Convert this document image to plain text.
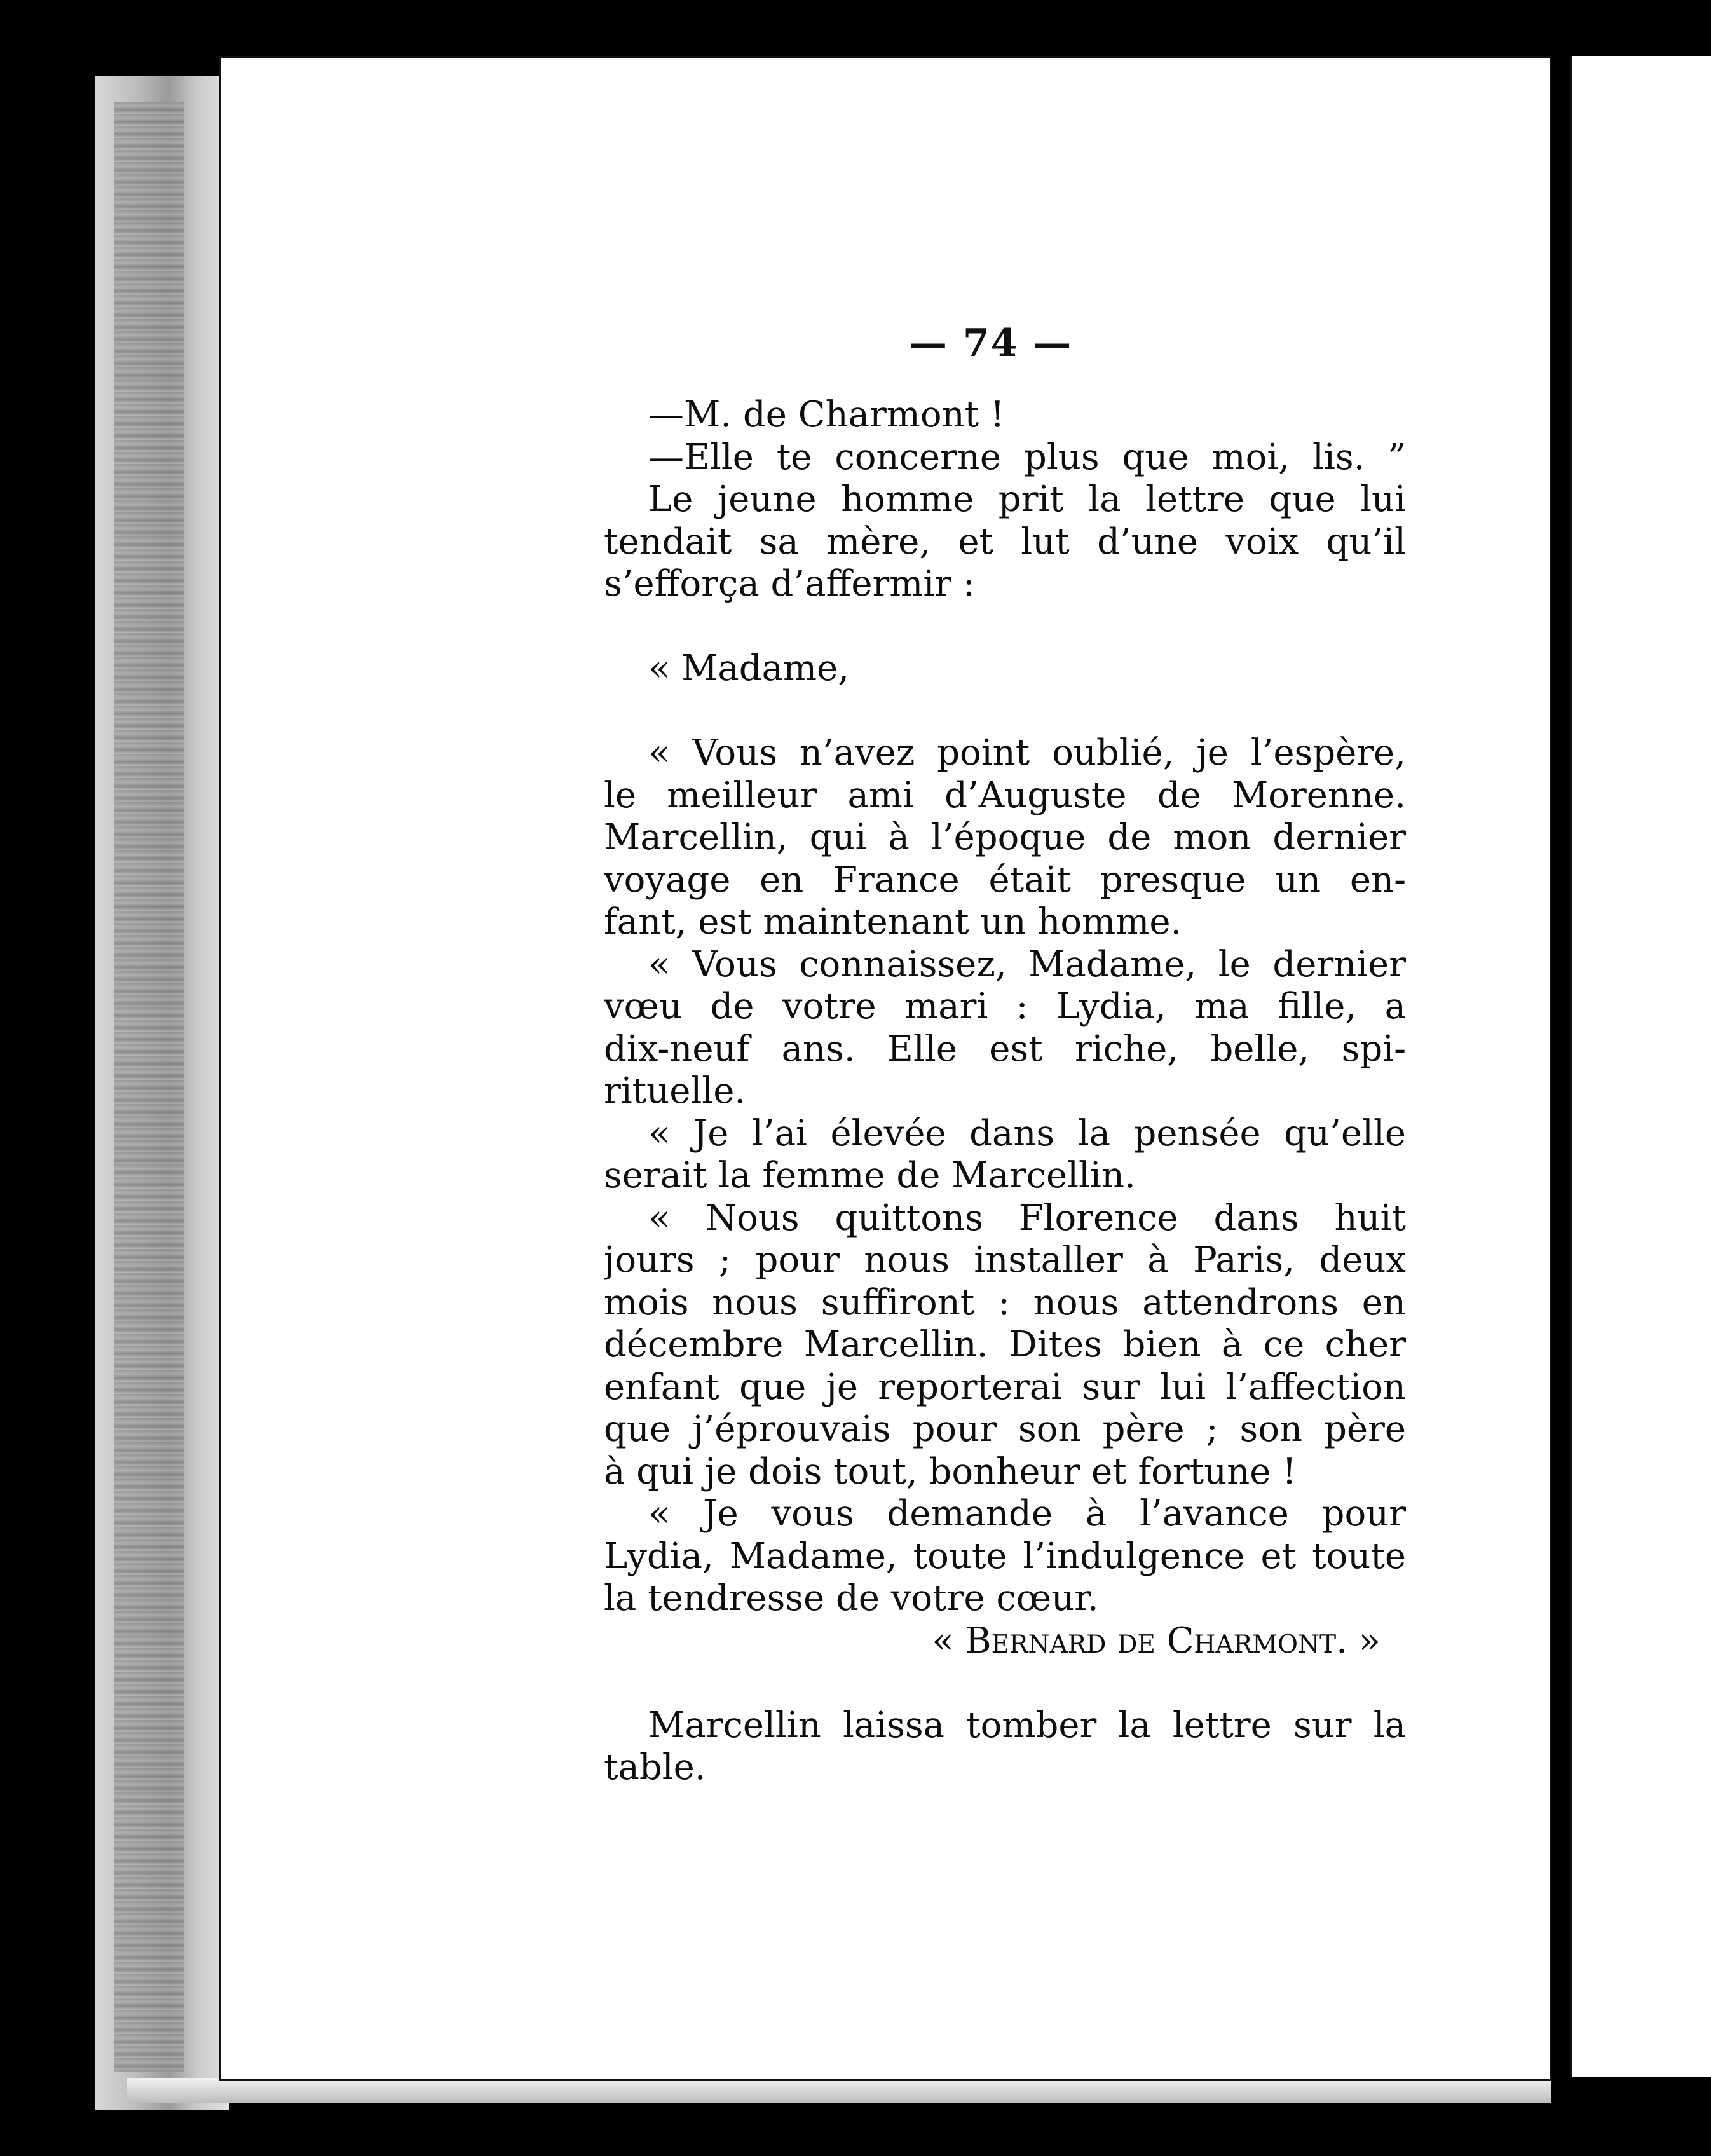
— 74 —
—M. de Charmont !
—Elle te concerne plus que moi, lis. ”
Le jeune homme prit la lettre que lui
tendait sa mère, et lut d’une voix qu’il
s’efforça d’affermir :
« Madame,
« Vous n’avez point oublié, je l’espère,
le meilleur ami d’Auguste de Morenne.
Marcellin, qui à l’époque de mon dernier
voyage en France était presque un en-
fant, est maintenant un homme.
« Vous connaissez, Madame, le dernier
vœu de votre mari : Lydia, ma fille, a
dix-neuf ans. Elle est riche, belle, spi-
rituelle.
« Je l’ai élevée dans la pensée qu’elle
serait la femme de Marcellin.
« Nous quittons Florence dans huit
jours ; pour nous installer à Paris, deux
mois nous suffiront : nous attendrons en
décembre Marcellin. Dites bien à ce cher
enfant que je reporterai sur lui l’affection
que j’éprouvais pour son père ; son père
à qui je dois tout, bonheur et fortune !
« Je vous demande à l’avance pour
Lydia, Madame, toute l’indulgence et toute
la tendresse de votre cœur.
« Bernard de Charmont. »
Marcellin laissa tomber la lettre sur la
table.
